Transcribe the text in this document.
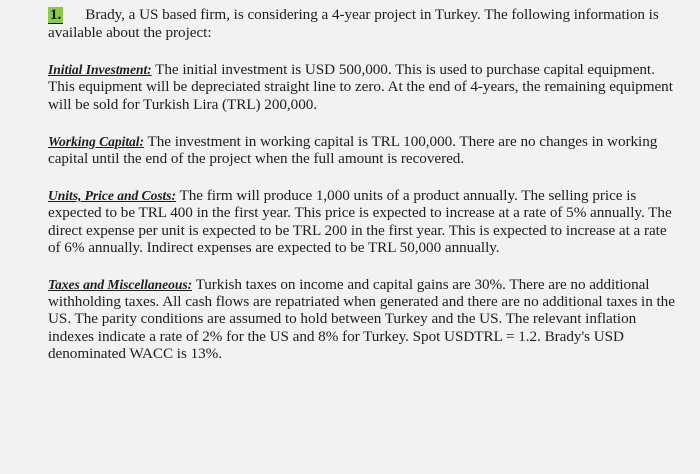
1. Brady, a US based firm, is considering a 4-year project in Turkey. The following information is available about the project:

Initial Investment: The initial investment is USD 500,000. This is used to purchase capital equipment. This equipment will be depreciated straight line to zero. At the end of 4-years, the remaining equipment will be sold for Turkish Lira (TRL) 200,000.

Working Capital: The investment in working capital is TRL 100,000. There are no changes in working capital until the end of the project when the full amount is recovered.

Units, Price and Costs: The firm will produce 1,000 units of a product annually. The selling price is expected to be TRL 400 in the first year. This price is expected to increase at a rate of 5% annually. The direct expense per unit is expected to be TRL 200 in the first year. This is expected to increase at a rate of 6% annually. Indirect expenses are expected to be TRL 50,000 annually.

Taxes and Miscellaneous: Turkish taxes on income and capital gains are 30%. There are no additional withholding taxes. All cash flows are repatriated when generated and there are no additional taxes in the US. The parity conditions are assumed to hold between Turkey and the US. The relevant inflation indexes indicate a rate of 2% for the US and 8% for Turkey. Spot USDTRL = 1.2. Brady's USD denominated WACC is 13%.
